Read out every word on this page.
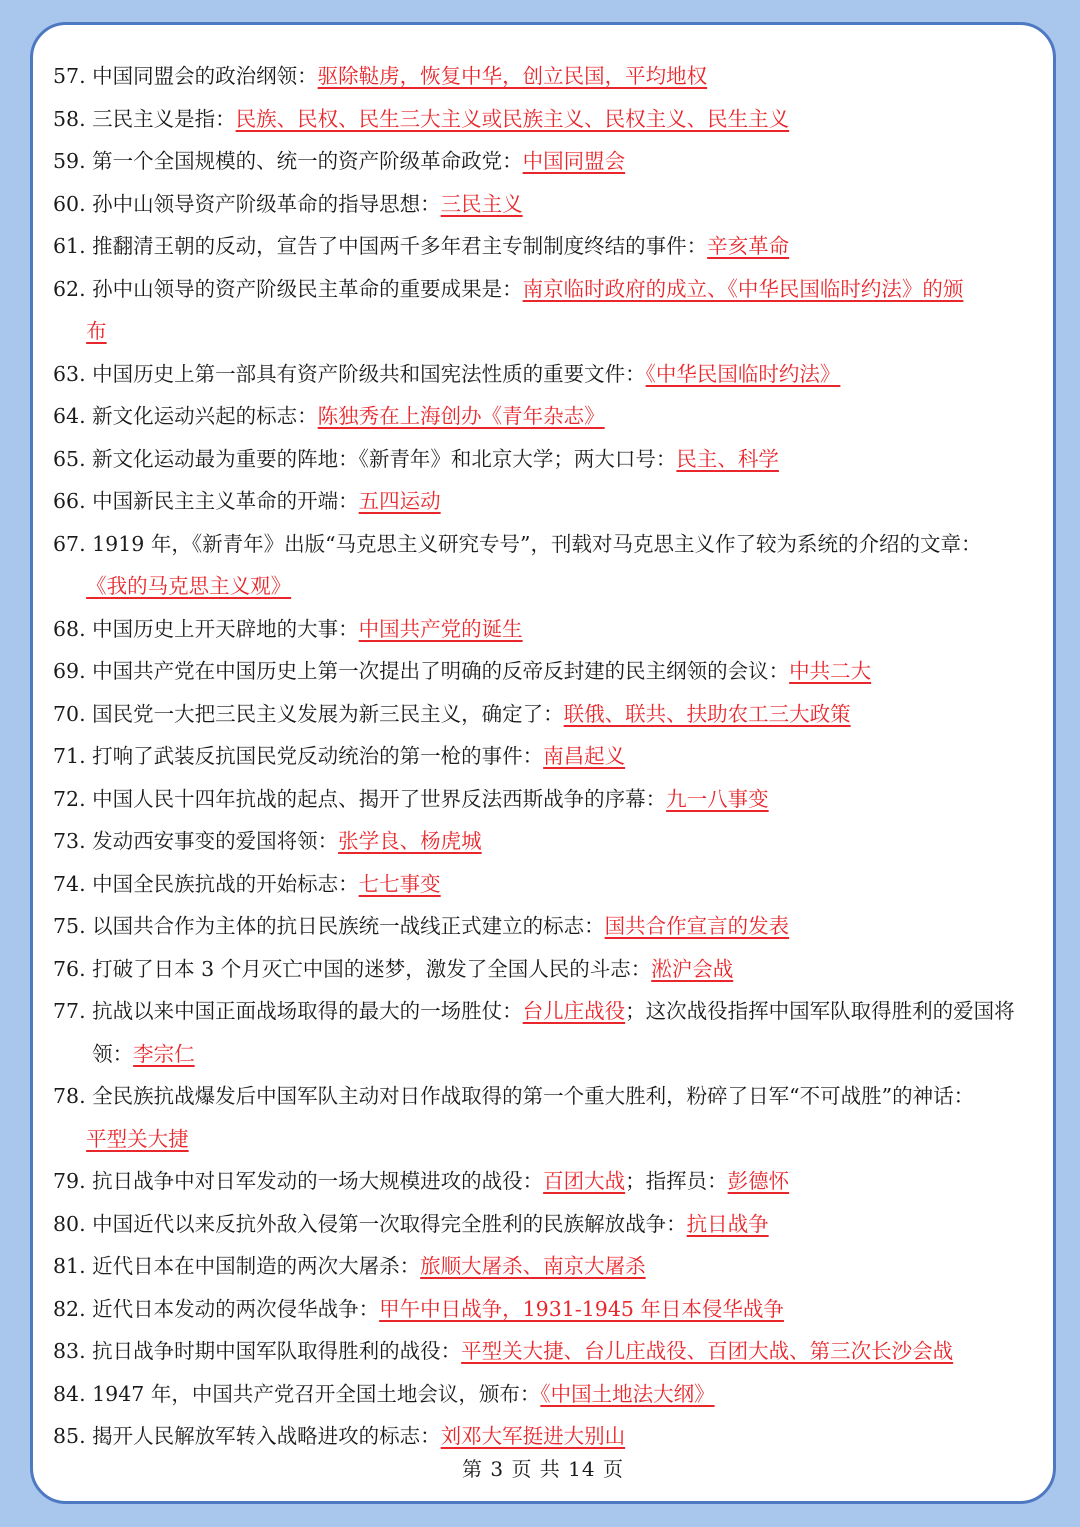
57.
中国同盟会的政治纲领：驱除鞑虏，恢复中华，创立民国，平均地权
58.
三民主义是指：民族、民权、民生三大主义或民族主义、民权主义、民生主义
59.
第一个全国规模的、统一的资产阶级革命政党：中国同盟会
60.
孙中山领导资产阶级革命的指导思想：三民主义
61.
推翻清王朝的反动，宣告了中国两千多年君主专制制度终结的事件：辛亥革命
62.
孙中山领导的资产阶级民主革命的重要成果是：南京临时政府的成立、《中华民国临时约法》的颁
布
63.
中国历史上第一部具有资产阶级共和国宪法性质的重要文件：《中华民国临时约法》
64.
新文化运动兴起的标志：陈独秀在上海创办《青年杂志》
65.
新文化运动最为重要的阵地：《新青年》和北京大学；两大口号：民主、科学
66.
中国新民主主义革命的开端：五四运动
67.
1919 年，《新青年》出版“马克思主义研究专号”，刊载对马克思主义作了较为系统的介绍的文章：
《我的马克思主义观》
68.
中国历史上开天辟地的大事：中国共产党的诞生
69.
中国共产党在中国历史上第一次提出了明确的反帝反封建的民主纲领的会议：中共二大
70.
国民党一大把三民主义发展为新三民主义，确定了：联俄、联共、扶助农工三大政策
71.
打响了武装反抗国民党反动统治的第一枪的事件：南昌起义
72.
中国人民十四年抗战的起点、揭开了世界反法西斯战争的序幕：九一八事变
73.
发动西安事变的爱国将领：张学良、杨虎城
74.
中国全民族抗战的开始标志：七七事变
75.
以国共合作为主体的抗日民族统一战线正式建立的标志：国共合作宣言的发表
76.
打破了日本 3 个月灭亡中国的迷梦，激发了全国人民的斗志：淞沪会战
77.
抗战以来中国正面战场取得的最大的一场胜仗：台儿庄战役；这次战役指挥中国军队取得胜利的爱国将领：李宗仁
78.
全民族抗战爆发后中国军队主动对日作战取得的第一个重大胜利，粉碎了日军“不可战胜”的神话：
平型关大捷
79.
抗日战争中对日军发动的一场大规模进攻的战役：百团大战；指挥员：彭德怀
80.
中国近代以来反抗外敌入侵第一次取得完全胜利的民族解放战争：抗日战争
81.
近代日本在中国制造的两次大屠杀：旅顺大屠杀、南京大屠杀
82.
近代日本发动的两次侵华战争：甲午中日战争，1931-1945 年日本侵华战争
83.
抗日战争时期中国军队取得胜利的战役：平型关大捷、台儿庄战役、百团大战、第三次长沙会战
84.
1947 年，中国共产党召开全国土地会议，颁布：《中国土地法大纲》
85.
揭开人民解放军转入战略进攻的标志：刘邓大军挺进大别山
第 3 页 共 14 页
